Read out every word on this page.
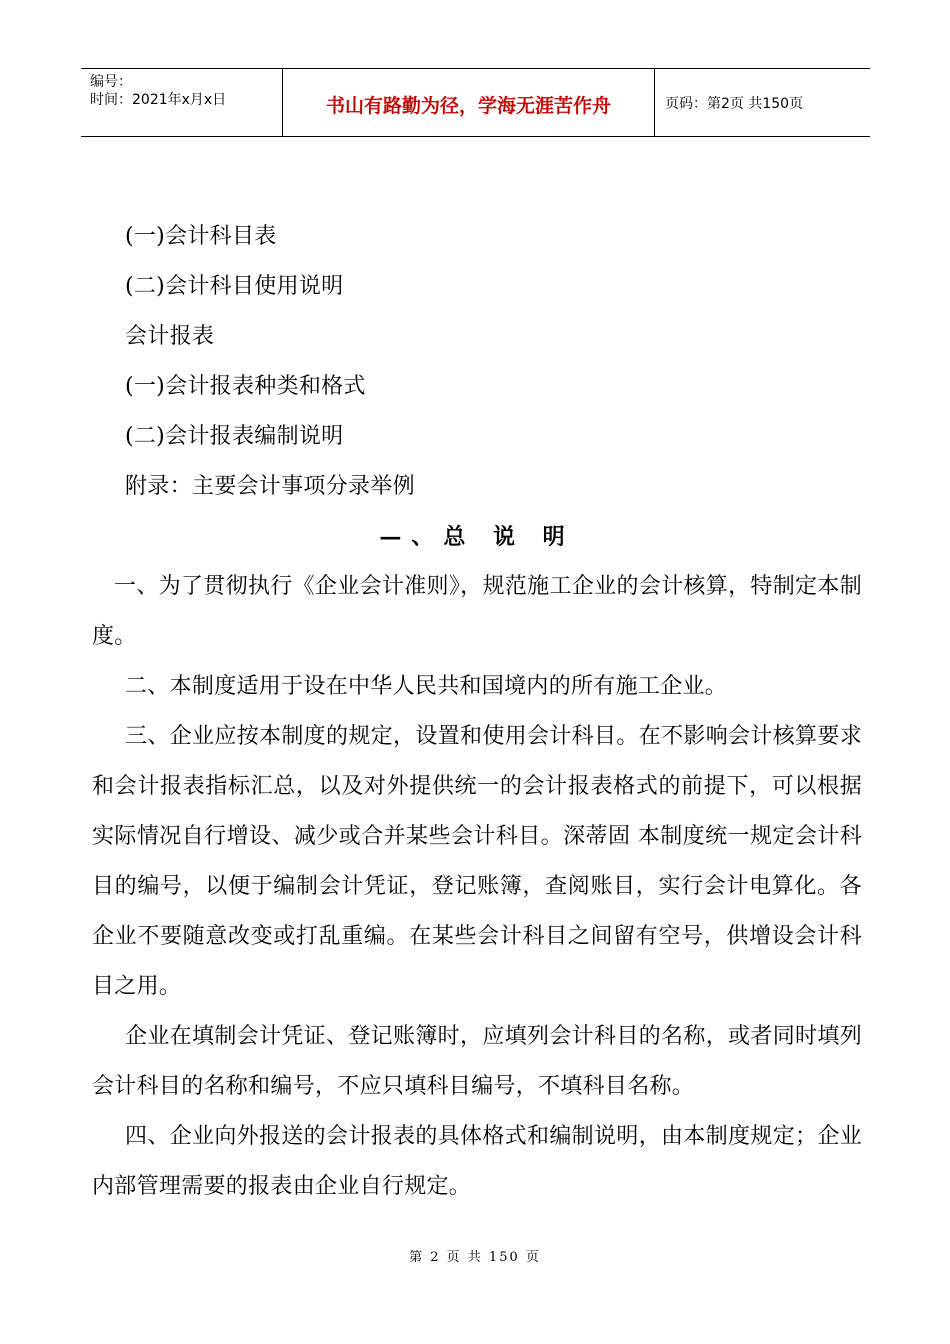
编号：
时间：2021年x月x日	书山有路勤为径，学海无涯苦作舟	页码：第2页 共150页

(一)会计科目表

(二)会计科目使用说明

会计报表

(一)会计报表种类和格式

(二)会计报表编制说明

附录：主要会计事项分录举例

—、总 说 明

一、为了贯彻执行《企业会计准则》，规范施工企业的会计核算，特制定本制度。

二、本制度适用于设在中华人民共和国境内的所有施工企业。

三、企业应按本制度的规定，设置和使用会计科目。在不影响会计核算要求和会计报表指标汇总，以及对外提供统一的会计报表格式的前提下，可以根据实际情况自行增设、减少或合并某些会计科目。深蒂固 本制度统一规定会计科目的编号，以便于编制会计凭证，登记账簿，查阅账目，实行会计电算化。各企业不要随意改变或打乱重编。在某些会计科目之间留有空号，供增设会计科目之用。

企业在填制会计凭证、登记账簿时，应填列会计科目的名称，或者同时填列会计科目的名称和编号，不应只填科目编号，不填科目名称。

四、企业向外报送的会计报表的具体格式和编制说明，由本制度规定；企业内部管理需要的报表由企业自行规定。

第 2 页 共 150 页
